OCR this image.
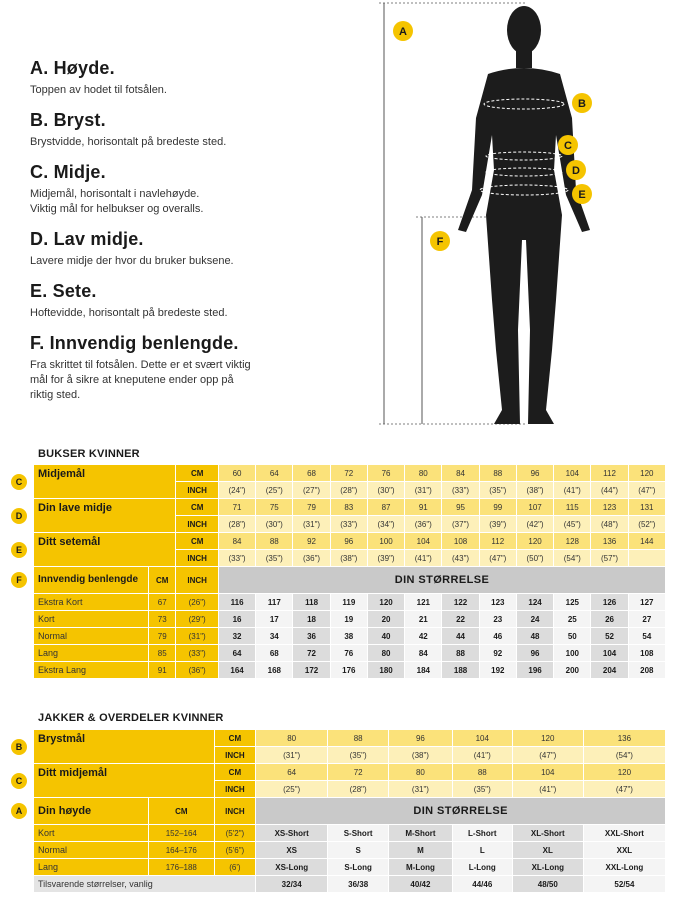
A. Høyde.
Toppen av hodet til fotsålen.
B. Bryst.
Brystvidde, horisontalt på bredeste sted.
C. Midje.
Midjemål, horisontalt i navlehøyde.
Viktig mål for helbukser og overalls.
D. Lav midje.
Lavere midje der hvor du bruker buksene.
E. Sete.
Hoftevidde, horisontalt på bredeste sted.
F. Innvendig benlengde.
Fra skrittet til fotsålen. Dette er et svært viktig
mål for å sikre at kneputene ender opp på
riktig sted.
A
B
C
D
E
F
BUKSER KVINNER
C	Midjemål		CM	60	64	68	72	76	80	84	88	96	104	112	120
			INCH	(24")	(25")	(27")	(28")	(30")	(31")	(33")	(35")	(38")	(41")	(44")	(47")
D	Din lave midje		CM	71	75	79	83	87	91	95	99	107	115	123	131
			INCH	(28")	(30")	(31")	(33")	(34")	(36")	(37")	(39")	(42")	(45")	(48")	(52")
E	Ditt setemål		CM	84	88	92	96	100	104	108	112	120	128	136	144
			INCH	(33")	(35")	(36")	(38")	(39")	(41")	(43")	(47")	(50")	(54")	(57")	
F	Innvendig benlengde	CM	INCH	DIN STØRRELSE											
	Ekstra Kort	67	(26")	116	117	118	119	120	121	122	123	124	125	126	127
	Kort	73	(29")	16	17	18	19	20	21	22	23	24	25	26	27
	Normal	79	(31")	32	34	36	38	40	42	44	46	48	50	52	54
	Lang	85	(33")	64	68	72	76	80	84	88	92	96	100	104	108
	Ekstra Lang	91	(36")	164	168	172	176	180	184	188	192	196	200	204	208
JAKKER & OVERDELER KVINNER
B	Brystmål		CM	80	88	96	104	120	136
			INCH	(31")	(35")	(38")	(41")	(47")	(54")
C	Ditt midjemål		CM	64	72	80	88	104	120
			INCH	(25")	(28")	(31")	(35")	(41")	(47")
A	Din høyde	CM	INCH	DIN STØRRELSE					
	Kort	152–164	(5'2")	XS-Short	S-Short	M-Short	L-Short	XL-Short	XXL-Short
	Normal	164–176	(5'6")	XS	S	M	L	XL	XXL
	Lang	176–188	(6')	XS-Long	S-Long	M-Long	L-Long	XL-Long	XXL-Long
	Tilsvarende størrelser, vanlig			32/34	36/38	40/42	44/46	48/50	52/54
